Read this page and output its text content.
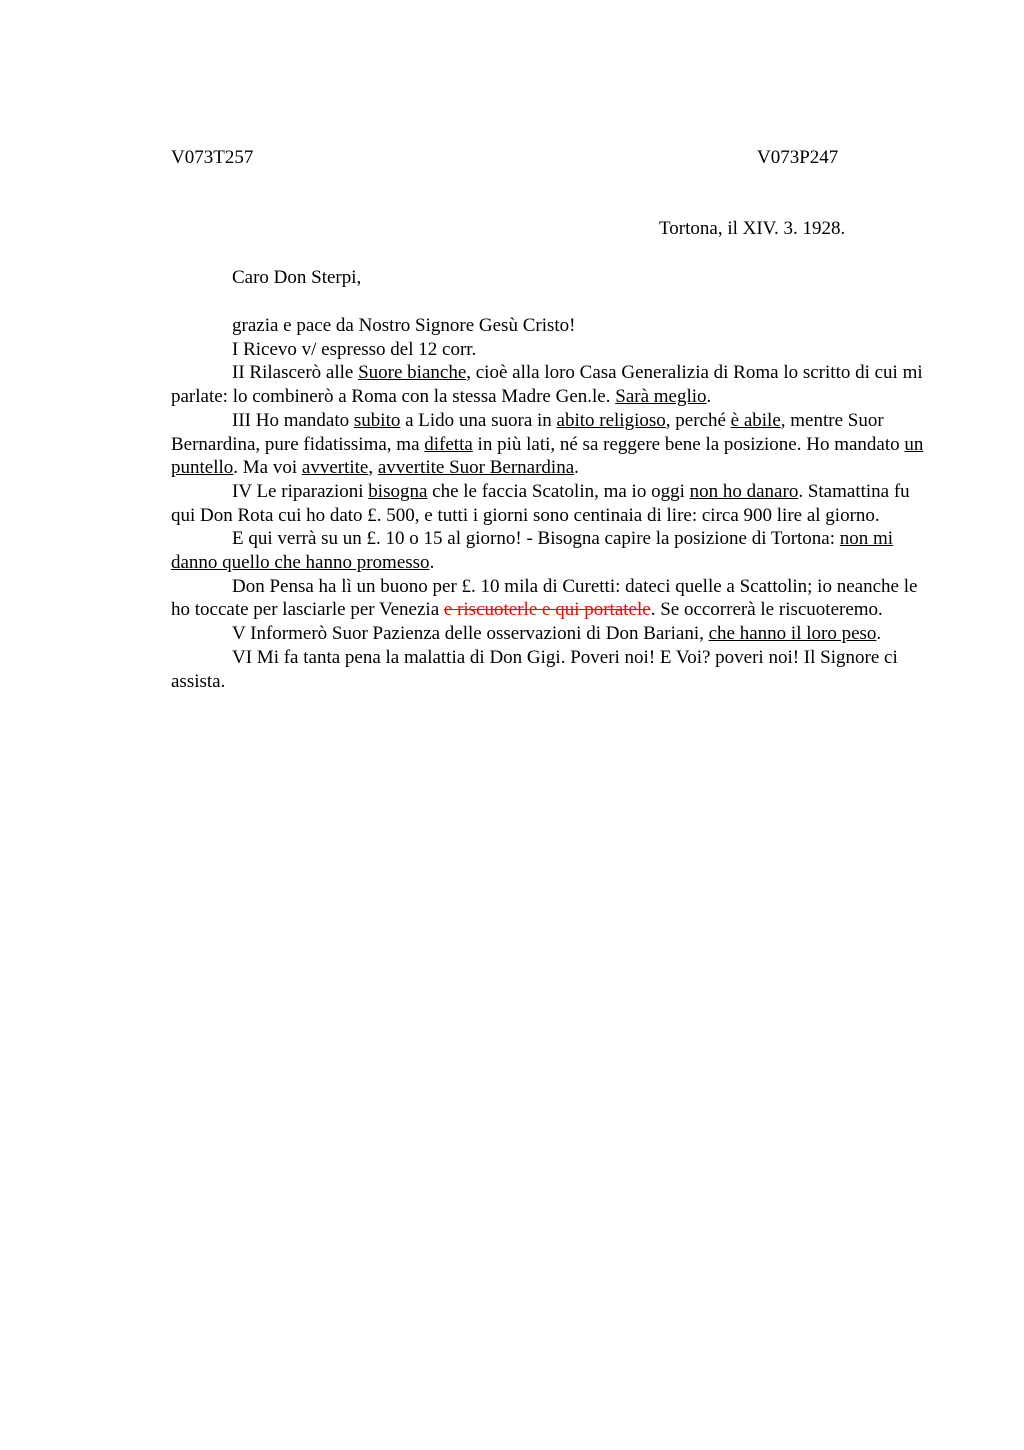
V073T257	V073P247
Tortona, il XIV. 3. 1928.
Caro Don Sterpi,

grazia e pace da Nostro Signore Gesù Cristo!

I Ricevo v/ espresso del 12 corr.

II Rilascerò alle Suore bianche, cioè alla loro Casa Generalizia di Roma lo scritto di cui mi parlate: lo combinerò a Roma con la stessa Madre Gen.le. Sarà meglio.

III Ho mandato subito a Lido una suora in abito religioso, perché è abile, mentre Suor Bernardina, pure fidatissima, ma difetta in più lati, né sa reggere bene la posizione. Ho mandato un puntello. Ma voi avvertite, avvertite Suor Bernardina.

IV Le riparazioni bisogna che le faccia Scatolin, ma io oggi non ho danaro. Stamattina fu qui Don Rota cui ho dato £. 500, e tutti i giorni sono centinaia di lire: circa 900 lire al giorno.

E qui verrà su un £. 10 o 15 al giorno! - Bisogna capire la posizione di Tortona: non mi danno quello che hanno promesso.

Don Pensa ha lì un buono per £. 10 mila di Curetti: dateci quelle a Scattolin; io neanche le ho toccate per lasciarle per Venezia e riscuoterle e qui portatele. Se occorrerà le riscuoteremo.

V Informerò Suor Pazienza delle osservazioni di Don Bariani, che hanno il loro peso.

VI Mi fa tanta pena la malattia di Don Gigi. Poveri noi! E Voi? poveri noi! Il Signore ci assista.
